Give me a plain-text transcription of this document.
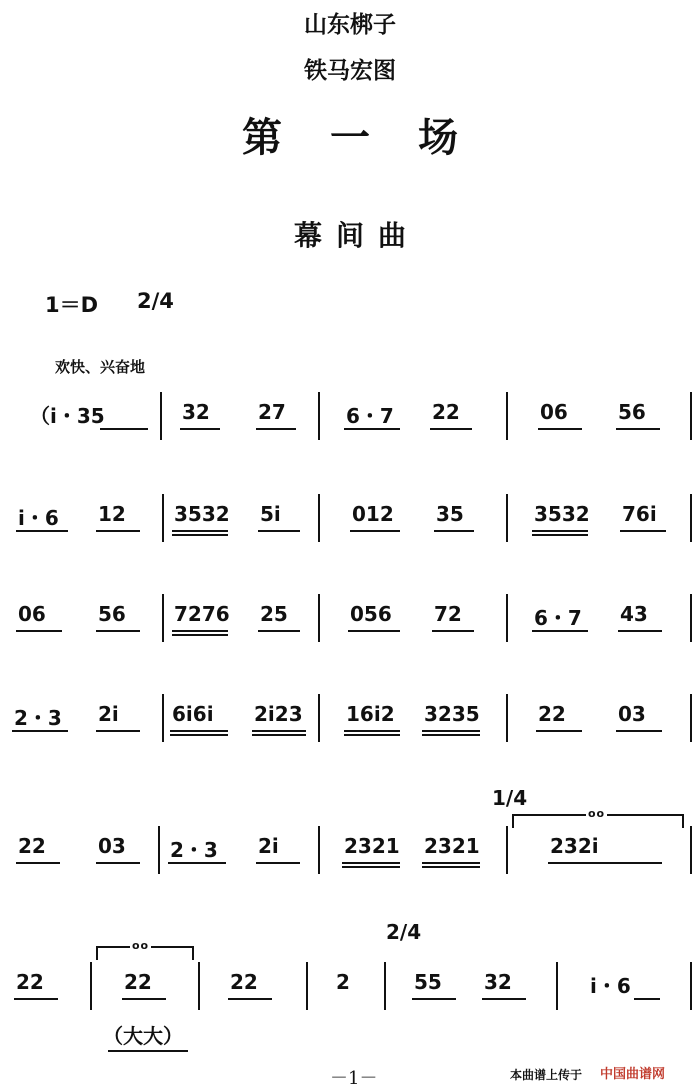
山东梆子
铁马宏图
第一场
幕间曲
1＝D 2/4
欢快、兴奋地
（i・35	32 27	6・7 22	06	56
i・6 12 3532 5i	012 35	3532 76i
06	56 7276 25	056 72	6・7 43
2・3 2i	6i6i 2i23 16i2 3235	22	03
1/4
22	03 2・3 2i	2321 2321
oo
232i
2/4
22
oo
22	22	2	55 32	i・6
（大大）
－1－	本曲谱上传于 中国曲谱网
